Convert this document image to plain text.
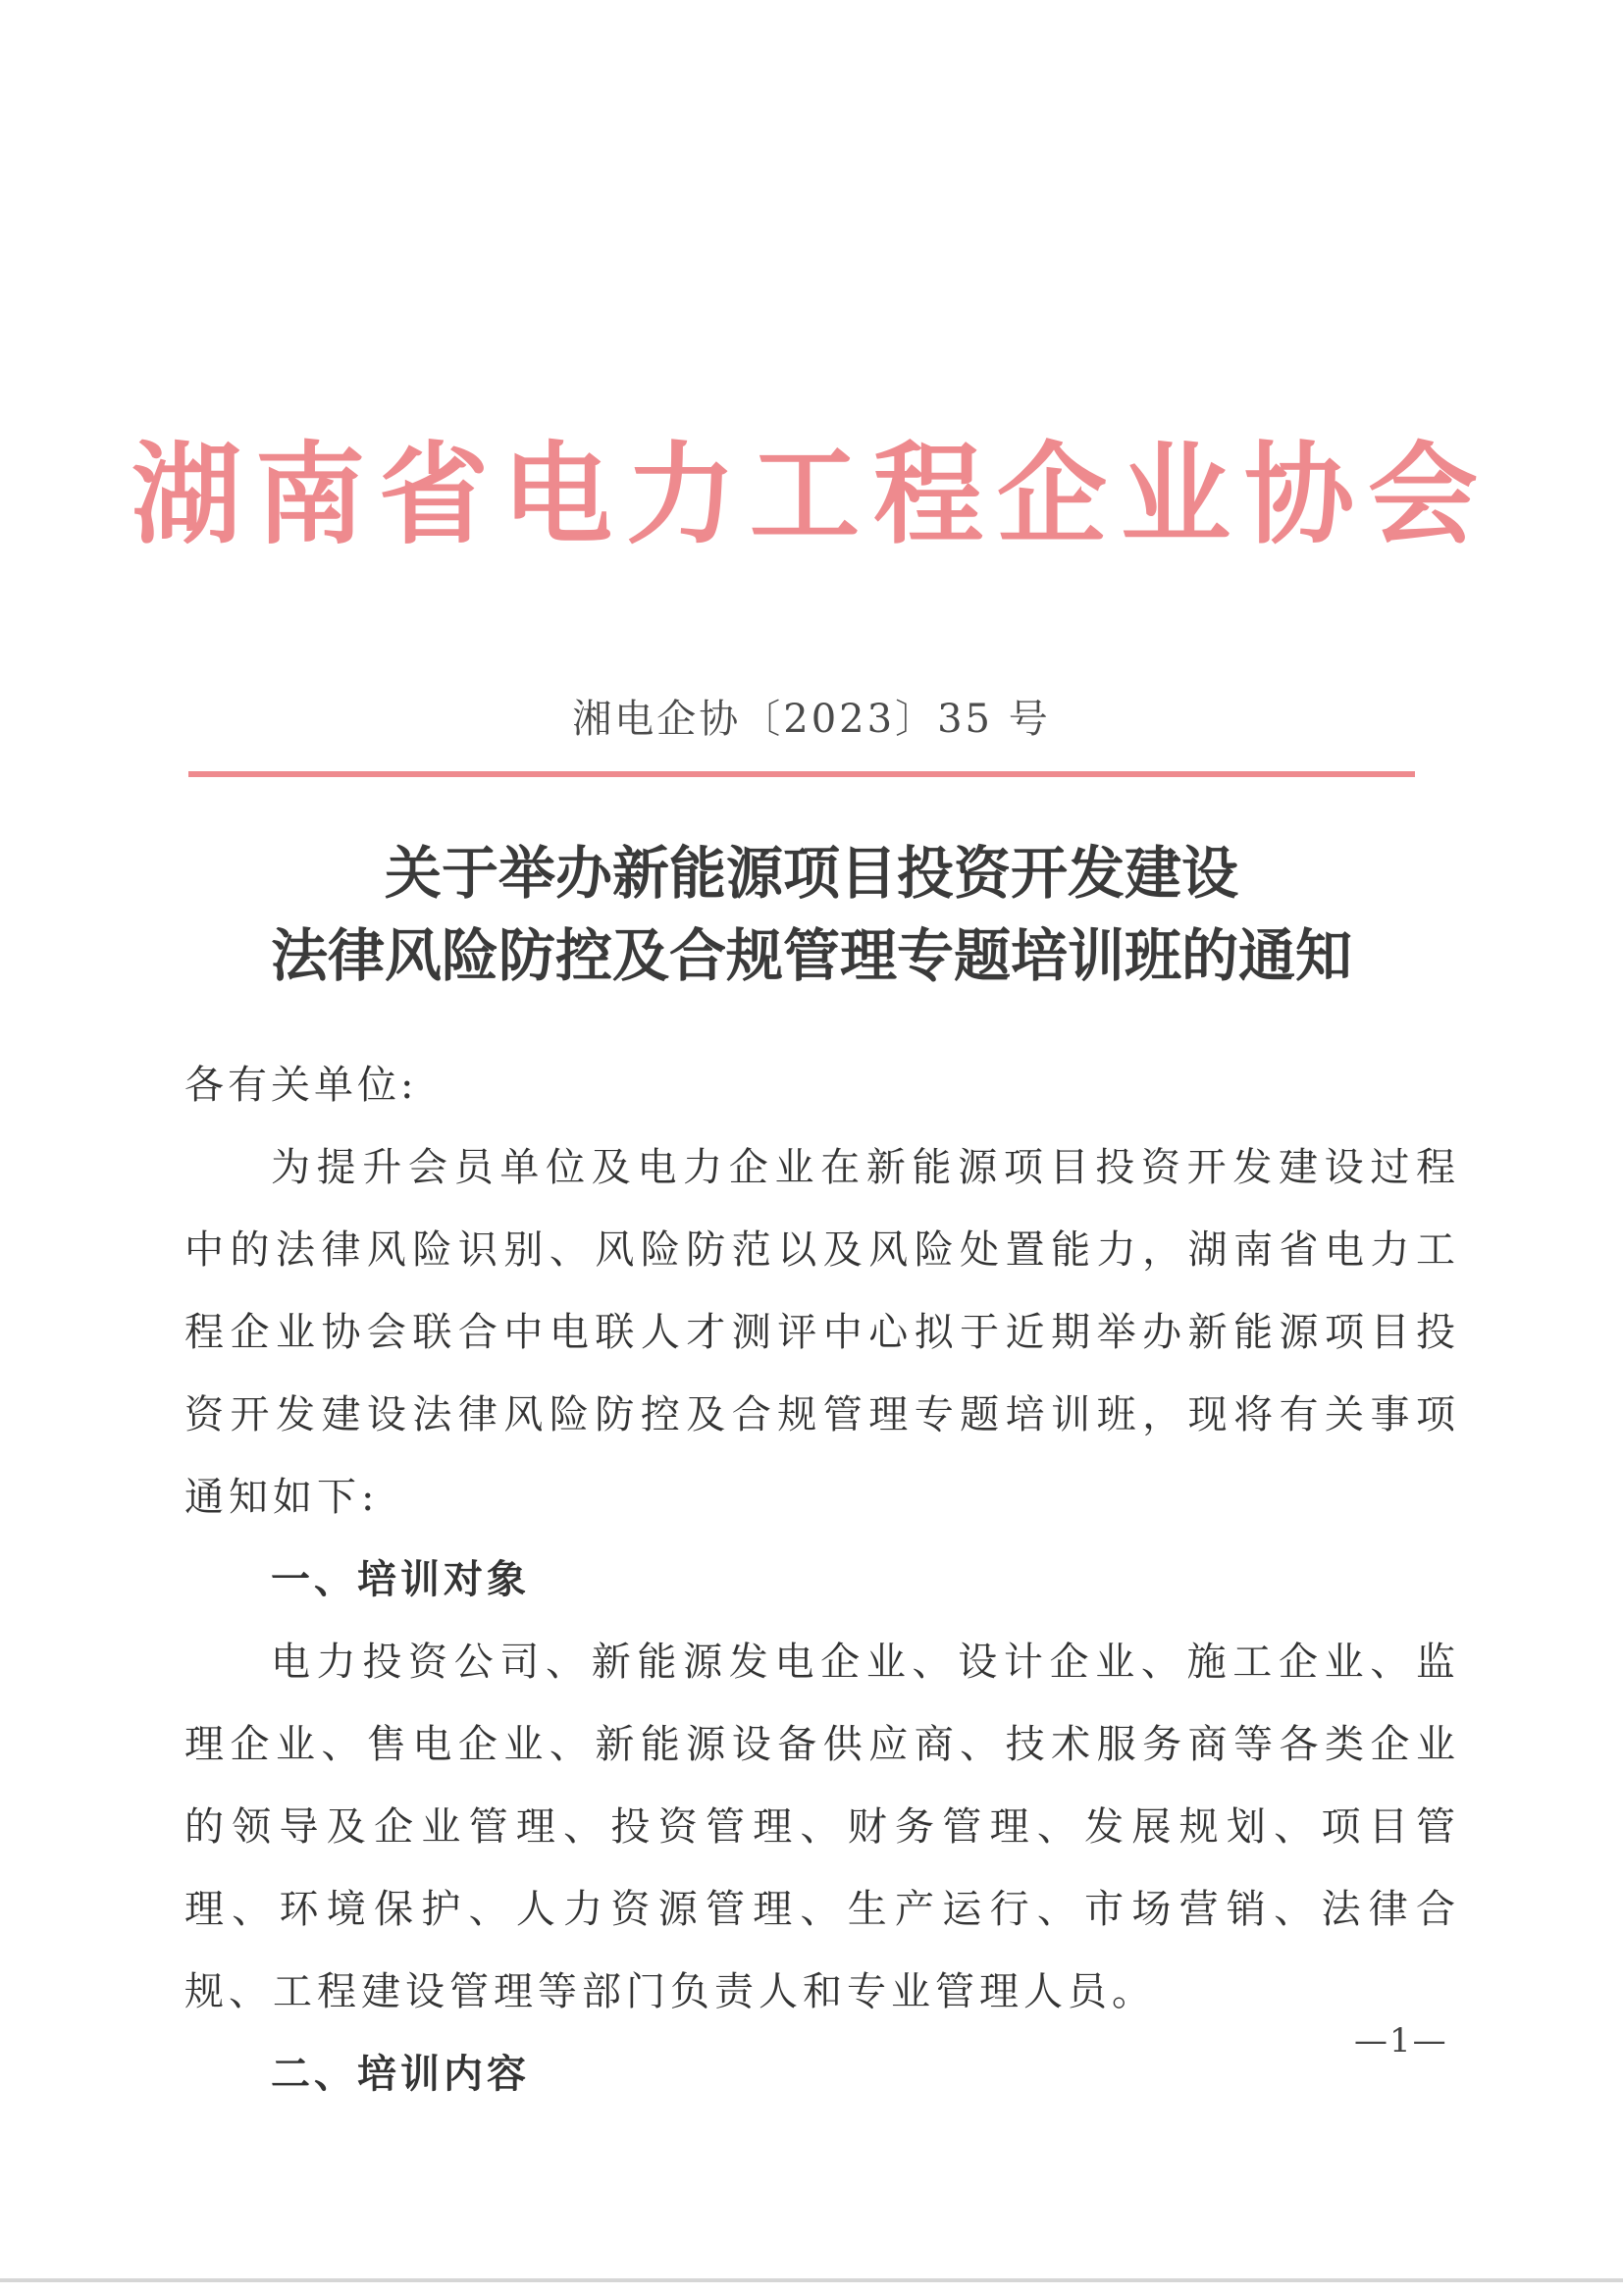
湖南省电力工程企业协会
湘电企协〔2023〕35 号
关于举办新能源项目投资开发建设
法律风险防控及合规管理专题培训班的通知

各有关单位:

为提升会员单位及电力企业在新能源项目投资开发建设过程中的法律风险识别、风险防范以及风险处置能力，湖南省电力工程企业协会联合中电联人才测评中心拟于近期举办新能源项目投资开发建设法律风险防控及合规管理专题培训班，现将有关事项通知如下:

一、培训对象

电力投资公司、新能源发电企业、设计企业、施工企业、监理企业、售电企业、新能源设备供应商、技术服务商等各类企业的领导及企业管理、投资管理、财务管理、发展规划、项目管理、环境保护、人力资源管理、生产运行、市场营销、法律合规、工程建设管理等部门负责人和专业管理人员。

二、培训内容

—1—
